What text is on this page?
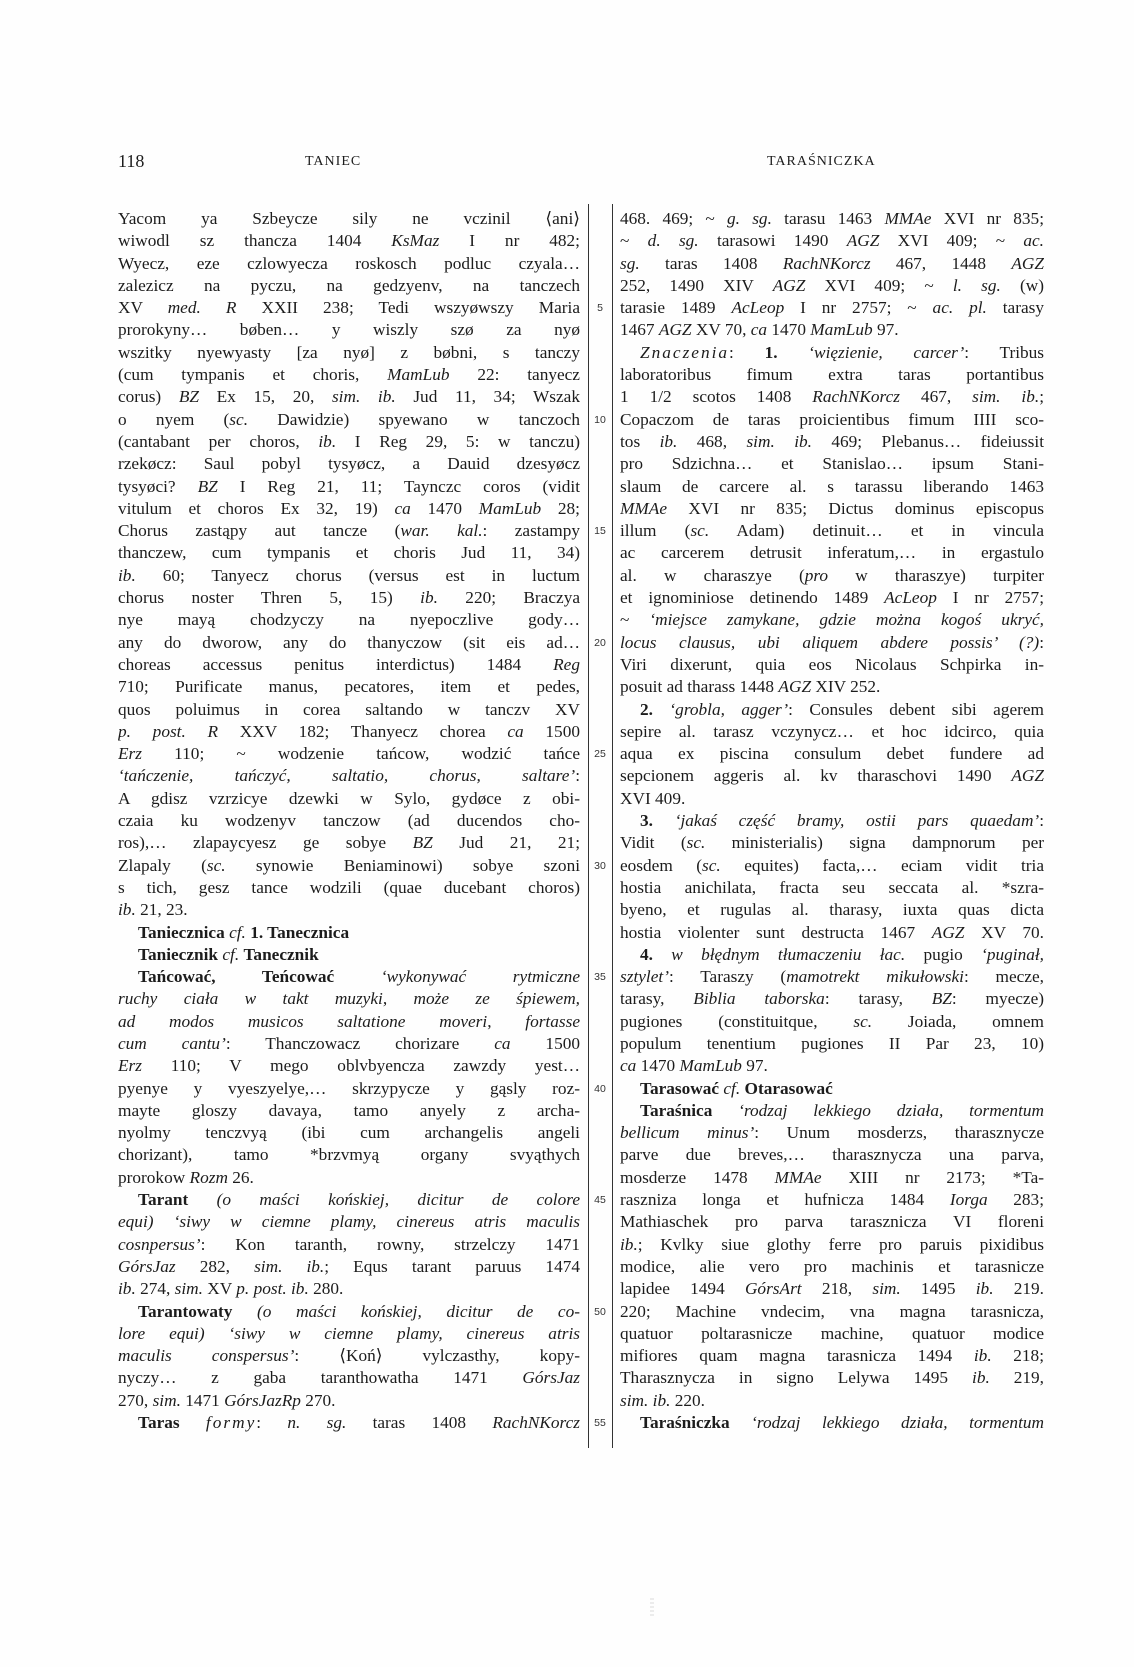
118	TANIEC	TARAŚNICZKA
5
10
15
20
25
30
35
40
45
50
55
Yacom ya Szbeycze sily ne vczinil ⟨ani⟩
wiwodl sz thancza 1404 KsMaz I nr 482;
Wyecz, eze czlowyecza roskosch podluc czyala…
zalezicz na pyczu, na gedzyenv, na tanczech
XV med. R XXII 238; Tedi wszyøwszy Maria
prorokyny… bøben… y wiszly szø za nyø
wszitky nyewyasty [za nyø] z bøbni, s tanczy
(cum tympanis et choris, MamLub 22: tanyecz
corus) BZ Ex 15, 20, sim. ib. Jud 11, 34; Wszak
o nyem (sc. Dawidzie) spyewano w tanczoch
(cantabant per choros, ib. I Reg 29, 5: w tanczu)
rzekøcz: Saul pobyl tysyøcz, a Dauid dzesyøcz
tysyøci? BZ I Reg 21, 11; Taynczc coros (vidit
vitulum et choros Ex 32, 19) ca 1470 MamLub 28;
Chorus zastąpy aut tancze (war. kal.: zastampy
thanczew, cum tympanis et choris Jud 11, 34)
ib. 60; Tanyecz chorus (versus est in luctum
chorus noster Thren 5, 15) ib. 220; Braczya
nye mayą chodzyczy na nyepoczlive gody…
any do dworow, any do thanyczow (sit eis ad…
choreas accessus penitus interdictus) 1484 Reg
710; Purificate manus, pecatores, item et pedes,
quos poluimus in corea saltando w tanczv XV
p. post. R XXV 182; Thanyecz chorea ca 1500
Erz 110; ~ wodzenie tańcow, wodzić tańce
‘tańczenie, tańczyć, saltatio, chorus, saltare’:
A gdisz vzrzicye dzewki w Sylo, gydøce z obi-
czaia ku wodzenyv tanczow (ad ducendos cho-
ros),… zlapaycyesz ge sobye BZ Jud 21, 21;
Zlapaly (sc. synowie Beniaminowi) sobye szoni
s tich, gesz tance wodzili (quae ducebant choros)
ib. 21, 23.
Taniecznica cf. 1. Tanecznica
Taniecznik cf. Tanecznik
Tańcować, Teńcować	‘wykonywać rytmiczne
ruchy ciała w takt muzyki, może ze śpiewem,
ad modos musicos saltatione moveri, fortasse
cum cantu’: Thanczowacz chorizare ca 1500
Erz 110; V mego oblvbyencza zawzdy yest…
pyenye y vyeszyelye,… skrzypycze y gąsly roz-
mayte gloszy davaya, tamo anyely z archa-
nyolmy tenczvyą (ibi cum archangelis angeli
chorizant), tamo *brzvmyą organy svyąthych
prorokow Rozm 26.
Tarant (o maści końskiej, dicitur de colore
equi) ‘siwy w ciemne plamy, cinereus atris maculis
cosnpersus’: Kon taranth, rowny, strzelczy 1471
GórsJaz 282, sim. ib.; Equs tarant paruus 1474
ib. 274, sim. XV p. post. ib. 280.
Tarantowaty (o maści końskiej, dicitur de co-
lore equi) ‘siwy w ciemne plamy, cinereus atris
maculis conspersus’: ⟨Koń⟩ vylczasthy, kopy-
nyczy… z gaba taranthowatha 1471 GórsJaz
270, sim. 1471 GórsJazRp 270.
Taras formy: n. sg. taras 1408 RachNKorcz
468. 469; ~ g. sg. tarasu 1463 MMAe XVI nr 835;
~ d. sg. tarasowi 1490 AGZ XVI 409; ~ ac.
sg. taras 1408 RachNKorcz 467, 1448 AGZ
252, 1490 XIV AGZ XVI 409; ~ l. sg. (w)
tarasie 1489 AcLeop I nr 2757; ~ ac. pl. tarasy
1467 AGZ XV 70, ca 1470 MamLub 97.
Znaczenia: 1. ‘więzienie, carcer’: Tribus
laboratoribus fimum extra taras portantibus
1 1/2 scotos 1408 RachNKorcz 467, sim. ib.;
Copaczom de taras proicientibus fimum IIII sco-
tos ib. 468, sim. ib. 469; Plebanus… fideiussit
pro Sdzichna… et Stanislao… ipsum Stani-
slaum de carcere al. s tarassu liberando 1463
MMAe XVI nr 835; Dictus dominus episcopus
illum (sc. Adam) detinuit… et in vincula
ac carcerem detrusit inferatum,… in ergastulo
al. w charaszye (pro w tharaszye) turpiter
et ignominiose detinendo 1489 AcLeop I nr 2757;
~ ‘miejsce zamykane, gdzie można kogoś ukryć,
locus clausus, ubi aliquem abdere possis’ (?):
Viri dixerunt, quia eos Nicolaus Schpirka in-
posuit ad tharass 1448 AGZ XIV 252.
2. ‘grobla, agger’: Consules debent sibi agerem
sepire al. tarasz vczynycz… et hoc idcirco, quia
aqua ex piscina consulum debet fundere ad
sepcionem aggeris al. kv tharaschovi 1490 AGZ
XVI 409.
3. ‘jakaś część bramy, ostii pars quaedam’:
Vidit (sc. ministerialis) signa dampnorum per
eosdem (sc. equites) facta,… eciam vidit tria
hostia anichilata, fracta seu seccata al. *szra-
byeno, et rugulas al. tharasy, iuxta quas dicta
hostia violenter sunt destructa 1467 AGZ XV 70.
4. w błędnym tłumaczeniu łac. pugio ‘puginał,
sztylet’: Taraszy (mamotrekt mikułowski: mecze,
tarasy, Biblia taborska: tarasy, BZ: myecze)
pugiones (constituitque, sc. Joiada, omnem
populum tenentium pugiones II Par 23, 10)
ca 1470 MamLub 97.
Tarasować cf. Otarasować
Taraśnica ‘rodzaj lekkiego działa, tormentum
bellicum minus’: Unum mosderzs, tharasznycze
parve due breves,… tharasznycza una parva,
mosderze 1478 MMAe XIII nr 2173; *Ta-
raszniza longa et hufnicza 1484 Iorga 283;
Mathiaschek pro parva tarasznicza VI floreni
ib.; Kvlky siue glothy ferre pro paruis pixidibus
modice, alie vero pro machinis et tarasnicze
lapidee 1494 GórsArt 218, sim. 1495 ib. 219.
220; Machine vndecim, vna magna tarasnicza,
quatuor poltarasnicze machine, quatuor modice
mifiores quam magna tarasnicza 1494 ib. 218;
Tharasznycza in signo Lelywa 1495 ib. 219,
sim. ib. 220.
Taraśniczka ‘rodzaj lekkiego działa, tormentum
